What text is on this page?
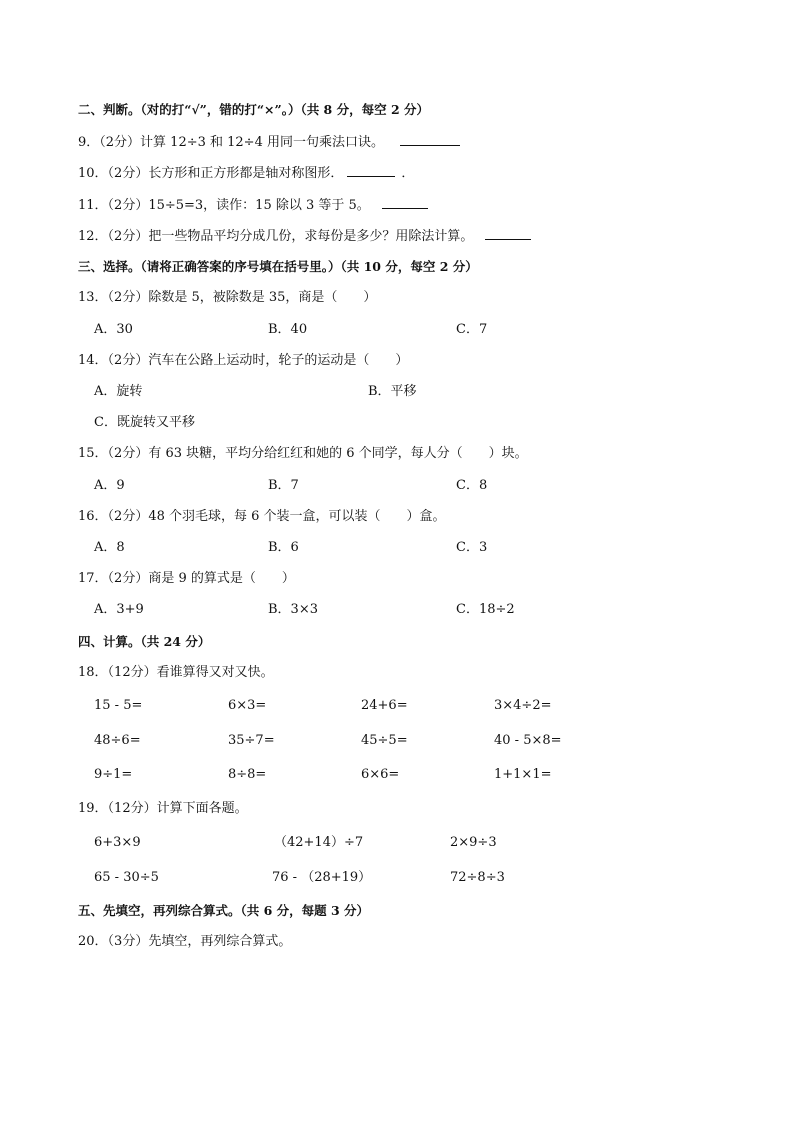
二、判断。（对的打“√”，错的打“×”。）（共 8 分，每空 2 分）
9．（2分）计算 12÷3 和 12÷4 用同一句乘法口诀。
10．（2分）长方形和正方形都是轴对称图形．	．
11．（2分）15÷5=3，读作：15 除以 3 等于 5。
12．（2分）把一些物品平均分成几份，求每份是多少？用除法计算。
三、选择。（请将正确答案的序号填在括号里。）（共 10 分，每空 2 分）
13．（2分）除数是 5，被除数是 35，商是（　　）
A．30	B．40	C．7
14．（2分）汽车在公路上运动时，轮子的运动是（　　）
A．旋转	B．平移
C．既旋转又平移
15．（2分）有 63 块糖，平均分给红红和她的 6 个同学，每人分（　　）块。
A．9	B．7	C．8
16．（2分）48 个羽毛球，每 6 个装一盒，可以装（　　）盒。
A．8	B．6	C．3
17．（2分）商是 9 的算式是（　　）
A．3+9	B．3×3	C．18÷2
四、计算。（共 24 分）
18．（12分）看谁算得又对又快。
15 - 5=	6×3=	24+6=	3×4÷2=
48÷6=	35÷7=	45÷5=	40 - 5×8=
9÷1=	8÷8=	6×6=	1+1×1=
19．（12分）计算下面各题。
6+3×9	（42+14）÷7	2×9÷3
65 - 30÷5	76 - （28+19）	72÷8÷3
五、先填空，再列综合算式。（共 6 分，每题 3 分）
20．（3分）先填空，再列综合算式。
